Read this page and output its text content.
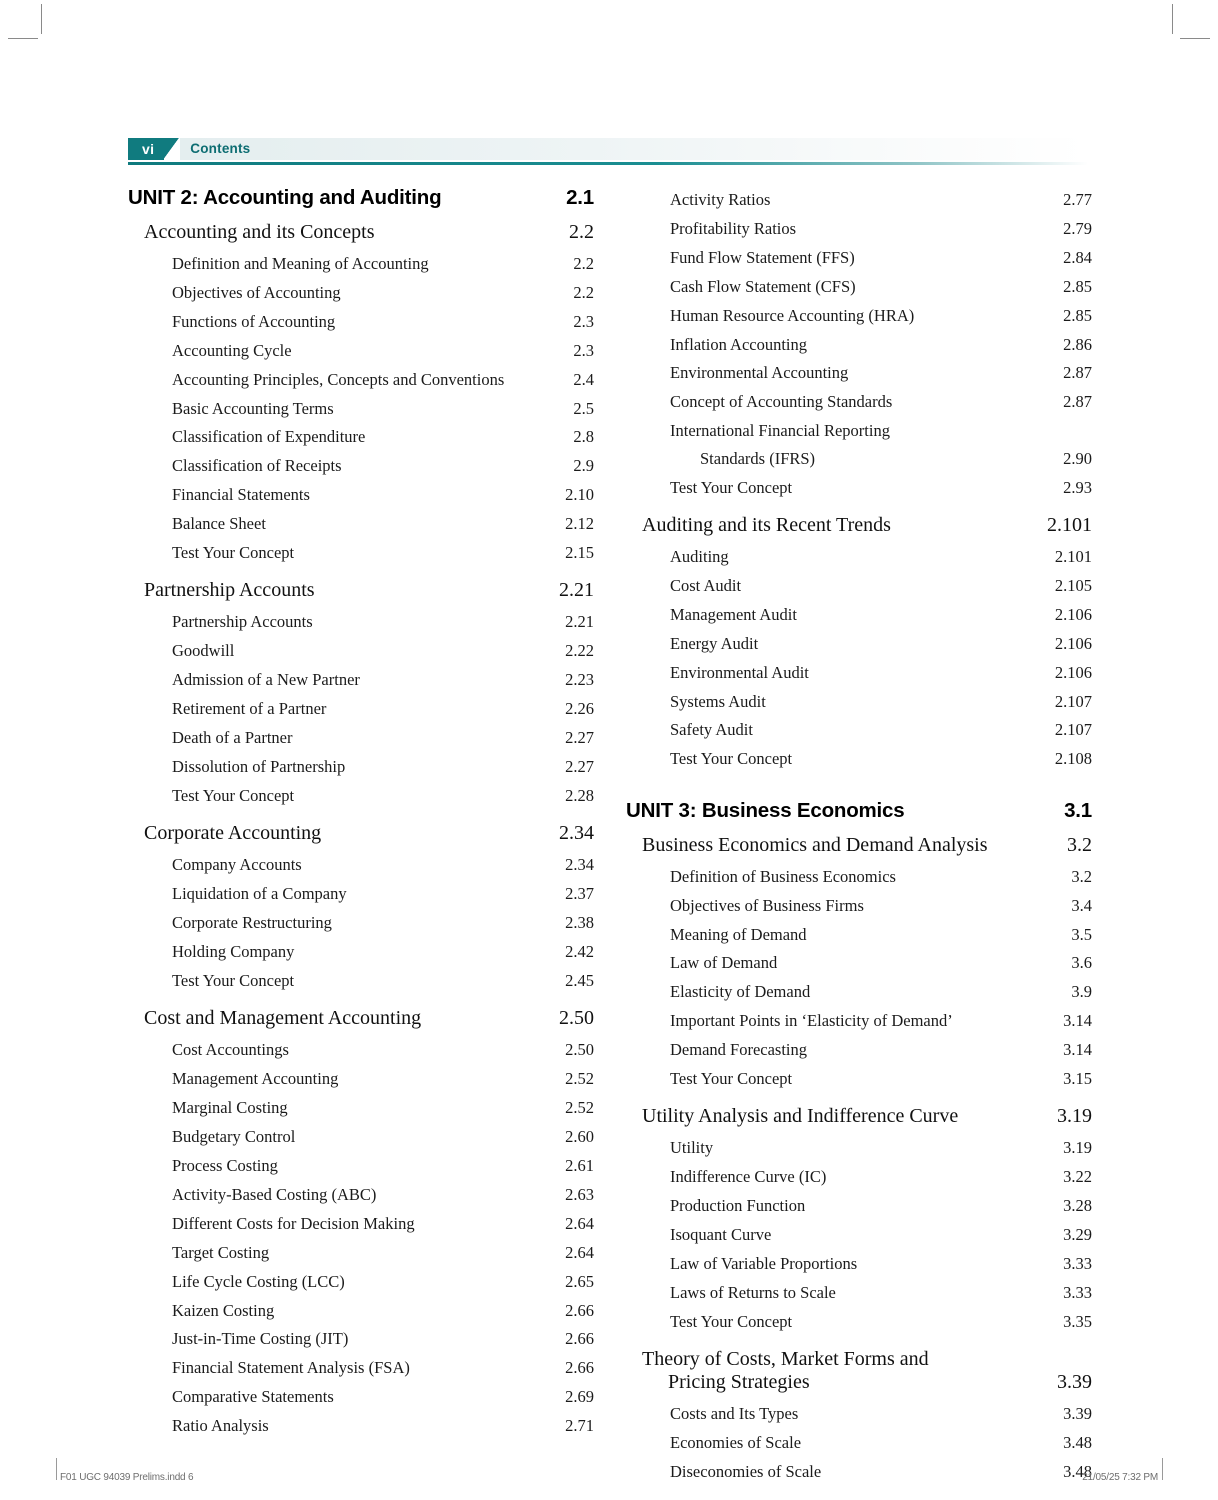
vi	Contents
UNIT 2: Accounting and Auditing	2.1
Accounting and its Concepts	2.2
Definition and Meaning of Accounting	2.2
Objectives of Accounting	2.2
Functions of Accounting	2.3
Accounting Cycle	2.3
Accounting Principles, Concepts and Conventions	2.4
Basic Accounting Terms	2.5
Classification of Expenditure	2.8
Classification of Receipts	2.9
Financial Statements	2.10
Balance Sheet	2.12
Test Your Concept	2.15
Partnership Accounts	2.21
Partnership Accounts	2.21
Goodwill	2.22
Admission of a New Partner	2.23
Retirement of a Partner	2.26
Death of a Partner	2.27
Dissolution of Partnership	2.27
Test Your Concept	2.28
Corporate Accounting	2.34
Company Accounts	2.34
Liquidation of a Company	2.37
Corporate Restructuring	2.38
Holding Company	2.42
Test Your Concept	2.45
Cost and Management Accounting	2.50
Cost Accountings	2.50
Management Accounting	2.52
Marginal Costing	2.52
Budgetary Control	2.60
Process Costing	2.61
Activity-Based Costing (ABC)	2.63
Different Costs for Decision Making	2.64
Target Costing	2.64
Life Cycle Costing (LCC)	2.65
Kaizen Costing	2.66
Just-in-Time Costing (JIT)	2.66
Financial Statement Analysis (FSA)	2.66
Comparative Statements	2.69
Ratio Analysis	2.71
Activity Ratios	2.77
Profitability Ratios	2.79
Fund Flow Statement (FFS)	2.84
Cash Flow Statement (CFS)	2.85
Human Resource Accounting (HRA)	2.85
Inflation Accounting	2.86
Environmental Accounting	2.87
Concept of Accounting Standards	2.87
International Financial Reporting
Standards (IFRS)	2.90
Test Your Concept	2.93
Auditing and its Recent Trends	2.101
Auditing	2.101
Cost Audit	2.105
Management Audit	2.106
Energy Audit	2.106
Environmental Audit	2.106
Systems Audit	2.107
Safety Audit	2.107
Test Your Concept	2.108
UNIT 3: Business Economics	3.1
Business Economics and Demand Analysis	3.2
Definition of Business Economics	3.2
Objectives of Business Firms	3.4
Meaning of Demand	3.5
Law of Demand	3.6
Elasticity of Demand	3.9
Important Points in ‘Elasticity of Demand’	3.14
Demand Forecasting	3.14
Test Your Concept	3.15
Utility Analysis and Indifference Curve	3.19
Utility	3.19
Indifference Curve (IC)	3.22
Production Function	3.28
Isoquant Curve	3.29
Law of Variable Proportions	3.33
Laws of Returns to Scale	3.33
Test Your Concept	3.35
Theory of Costs, Market Forms and
Pricing Strategies	3.39
Costs and Its Types	3.39
Economies of Scale	3.48
Diseconomies of Scale	3.48
F01 UGC 94039 Prelims.indd 6	21/05/25 7:32 PM
